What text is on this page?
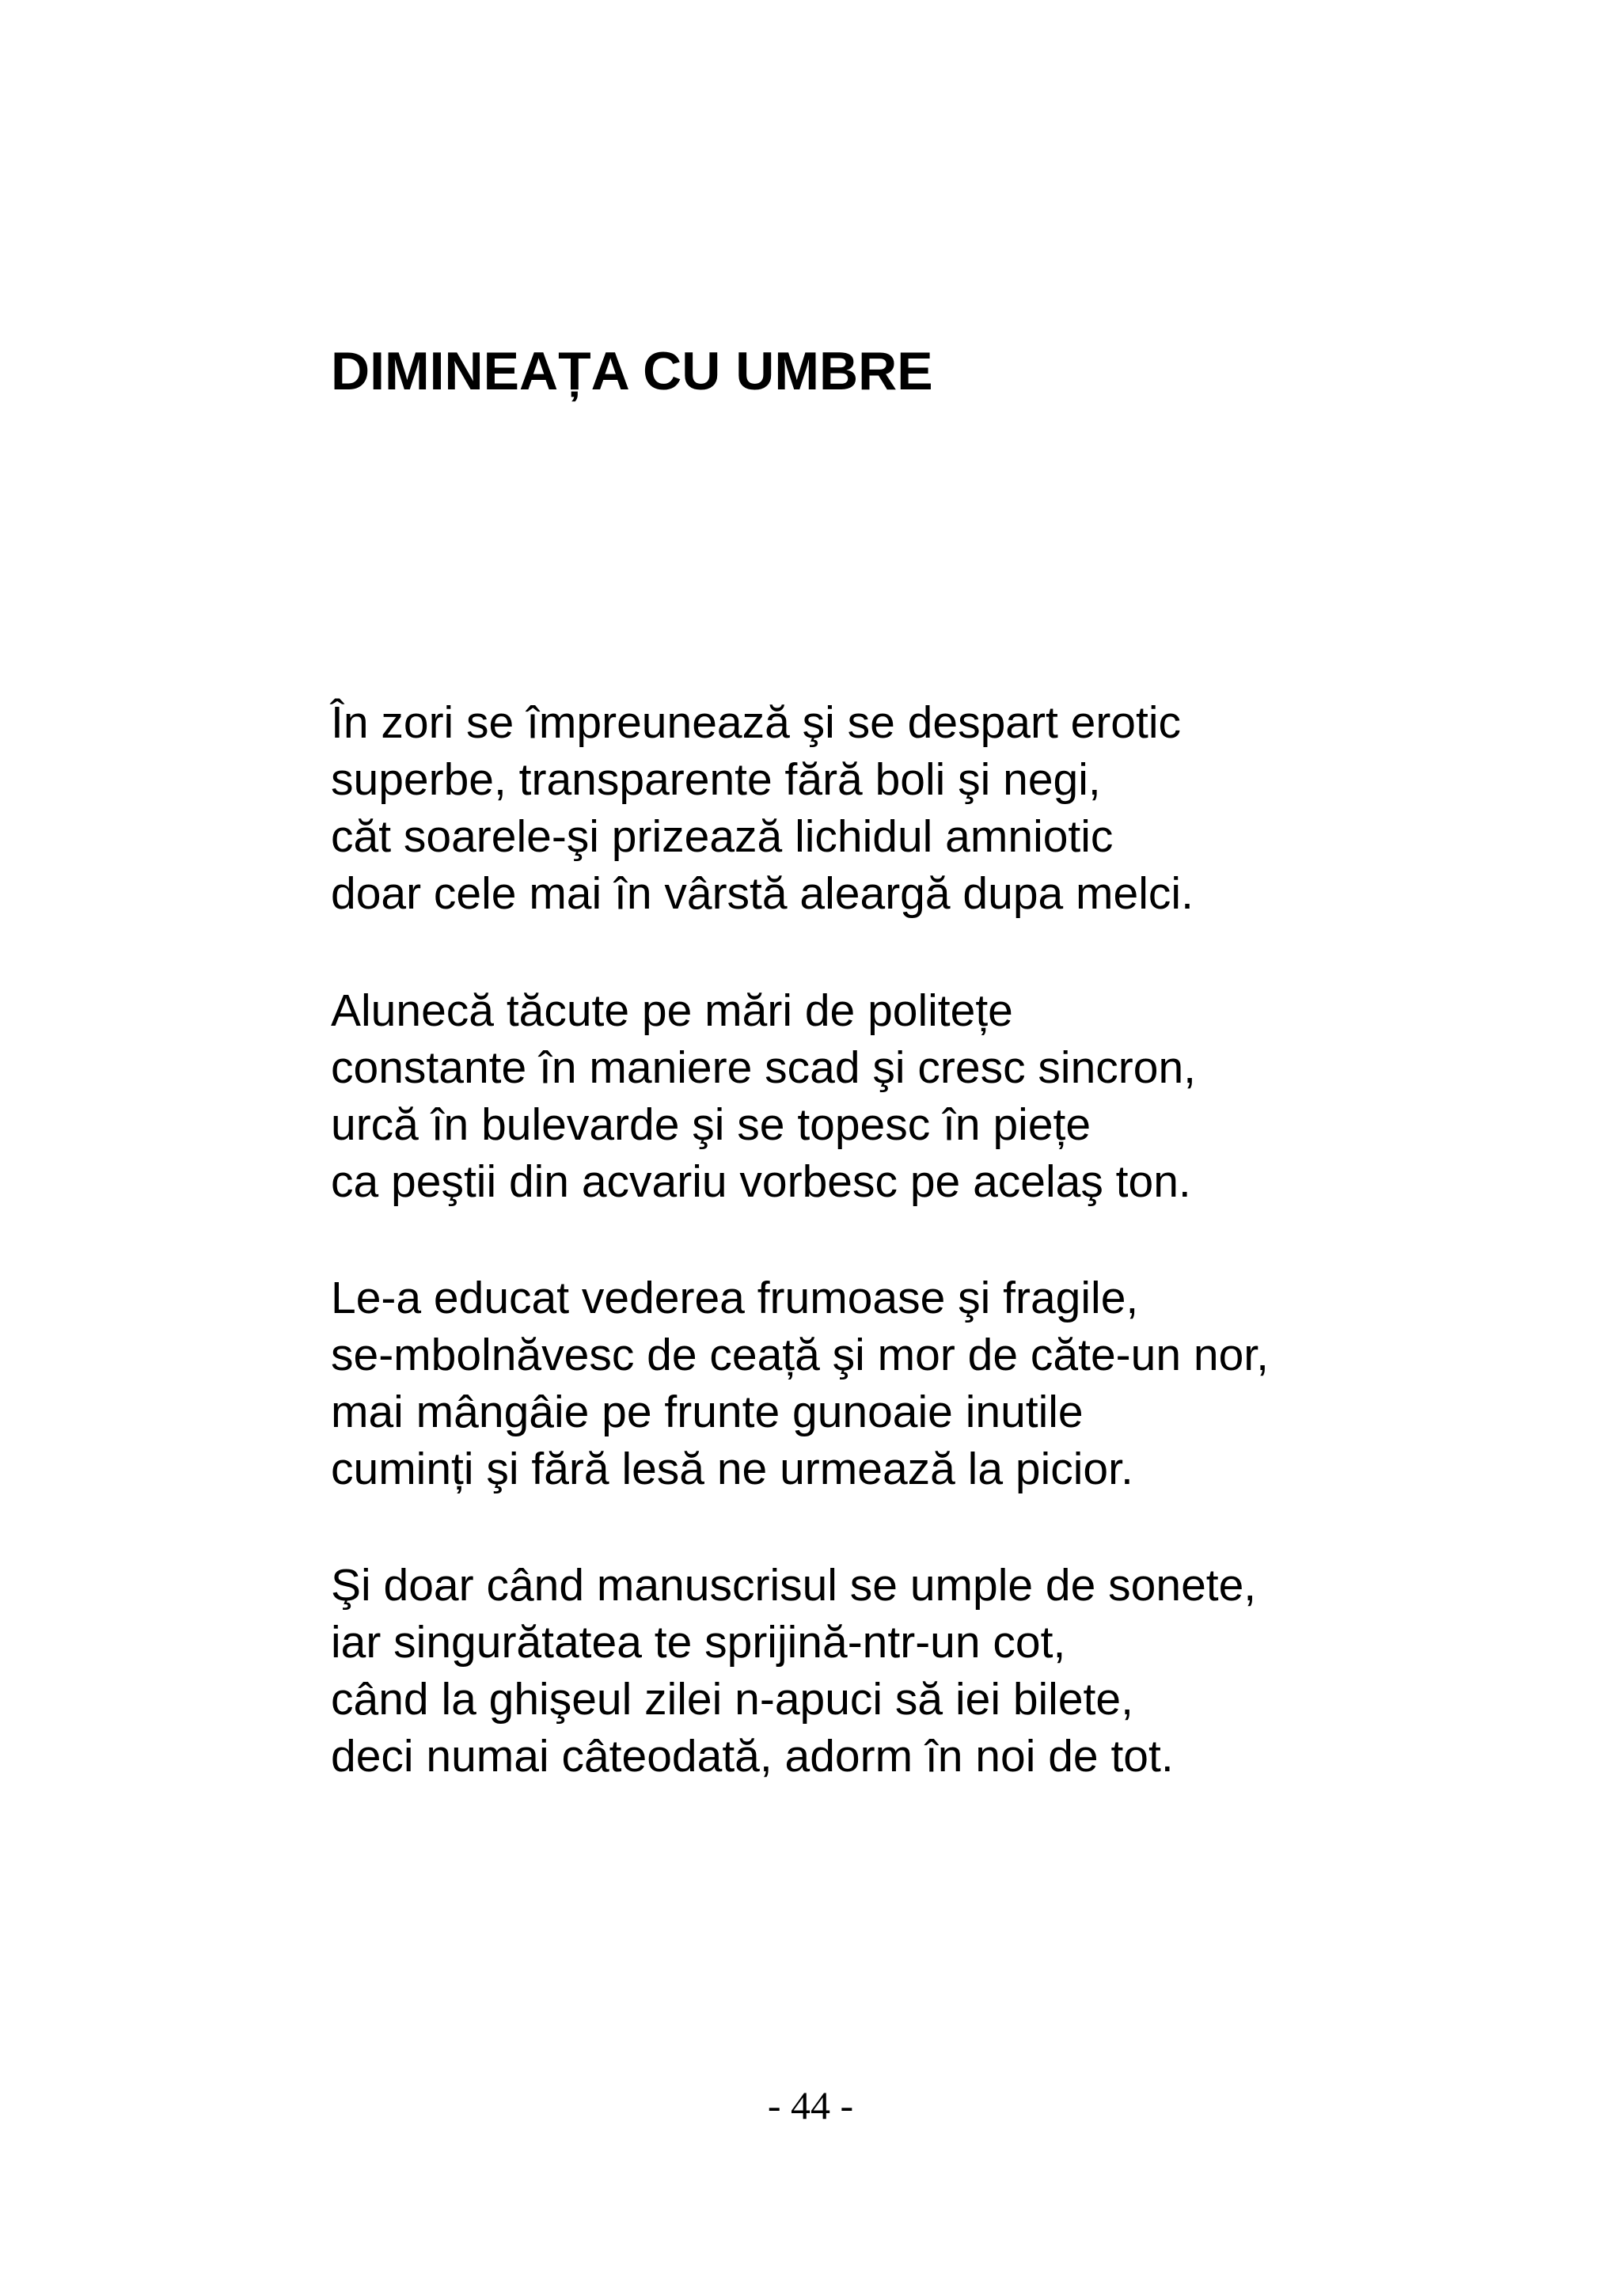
DIMINEAȚA CU UMBRE

În zori se împreunează şi se despart erotic
superbe, transparente fără boli şi negi,
căt soarele-şi prizează lichidul amniotic
doar cele mai în vârstă aleargă dupa melci.

Alunecă tăcute pe mări de politețe
constante în maniere scad şi cresc sincron,
urcă în bulevarde şi se topesc în piețe
ca peştii din acvariu vorbesc pe acelaş ton.

Le-a educat vederea frumoase şi fragile,
se-mbolnăvesc de ceață şi mor de căte-un nor,
mai mângâie pe frunte gunoaie inutile
cuminți şi fără lesă ne urmează la picior.

Şi doar când manuscrisul se umple de sonete,
iar singurătatea te sprijină-ntr-un cot,
când la ghişeul zilei n-apuci să iei bilete,
deci numai câteodată, adorm în noi de tot.

- 44 -
